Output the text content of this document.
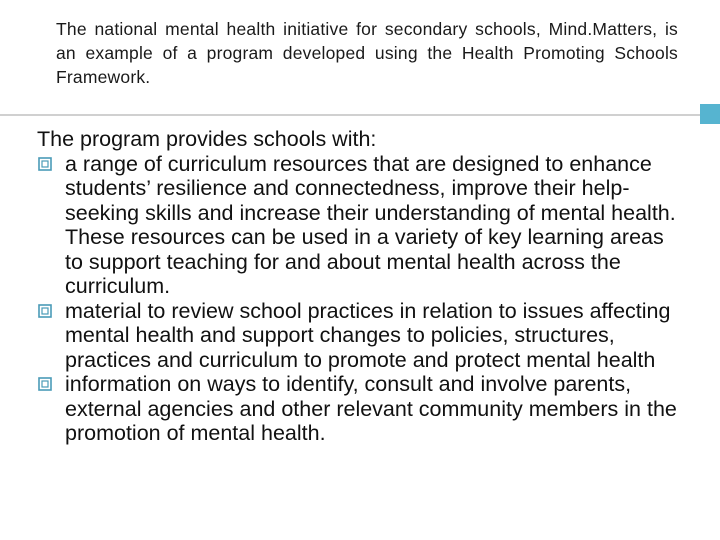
The national mental health initiative for secondary schools, Mind.Matters, is an example of a program developed using the Health Promoting Schools Framework.

The program provides schools with:

a range of curriculum resources that are designed to enhance students’ resilience and connectedness, improve their help-seeking skills and increase their understanding of mental health. These resources can be used in a variety of key learning areas to support teaching for and about mental health across the curriculum.
material to review school practices in relation to issues affecting mental health and support changes to policies, structures, practices and curriculum to promote and protect mental health
information on ways to identify, consult and involve parents, external agencies and other relevant community members in the promotion of mental health.
